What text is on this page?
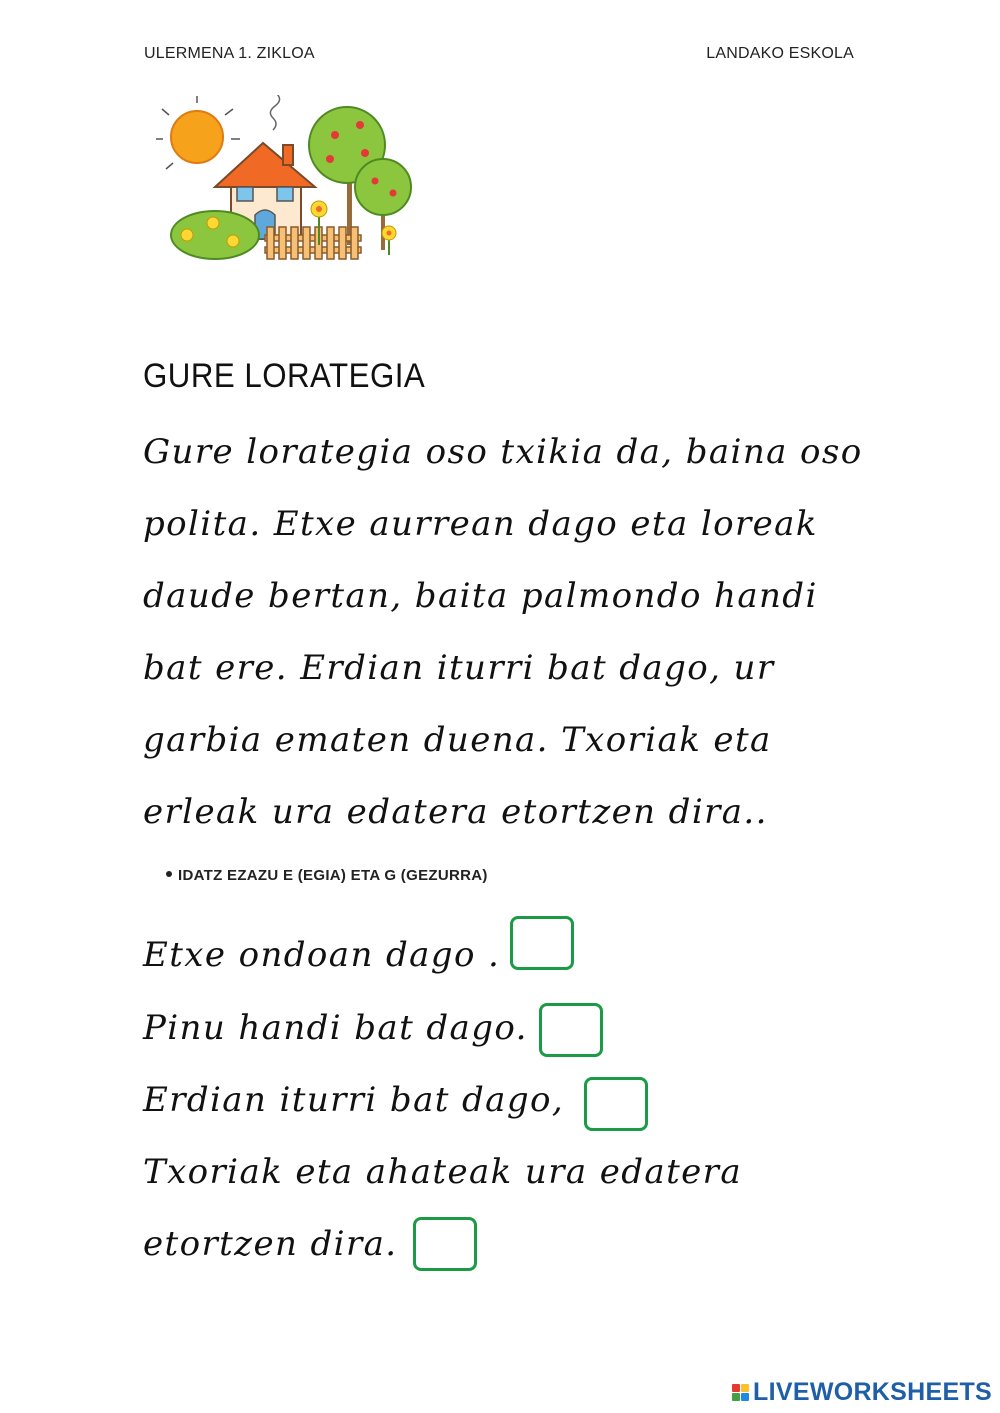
ULERMENA 1. ZIKLOA	LANDAKO ESKOLA
GURE LORATEGIA
Gure lorategia oso txikia da, baina oso
polita. Etxe aurrean dago eta loreak
daude bertan, baita palmondo handi
bat ere. Erdian iturri bat dago, ur
garbia ematen duena. Txoriak eta
erleak ura edatera etortzen dira..
IDATZ EZAZU E (EGIA) ETA G (GEZURRA)
Etxe ondoan dago .
Pinu handi bat dago.
Erdian iturri bat dago,
Txoriak eta ahateak ura edatera
etortzen dira.
LIVEWORKSHEETS
